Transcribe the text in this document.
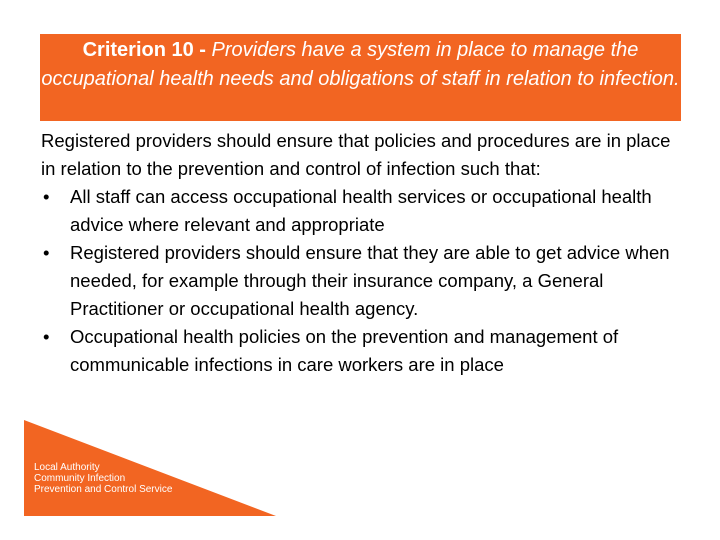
Criterion 10 - Providers have a system in place to manage the occupational health needs and obligations of staff in relation to infection.

Registered providers should ensure that policies and procedures are in place in relation to the prevention and control of infection such that:

• All staff can access occupational health services or occupational health advice where relevant and appropriate
• Registered providers should ensure that they are able to get advice when needed, for example through their insurance company, a General Practitioner or occupational health agency.
• Occupational health policies on the prevention and management of communicable infections in care workers are in place
Local Authority
Community Infection
Prevention and Control Service
